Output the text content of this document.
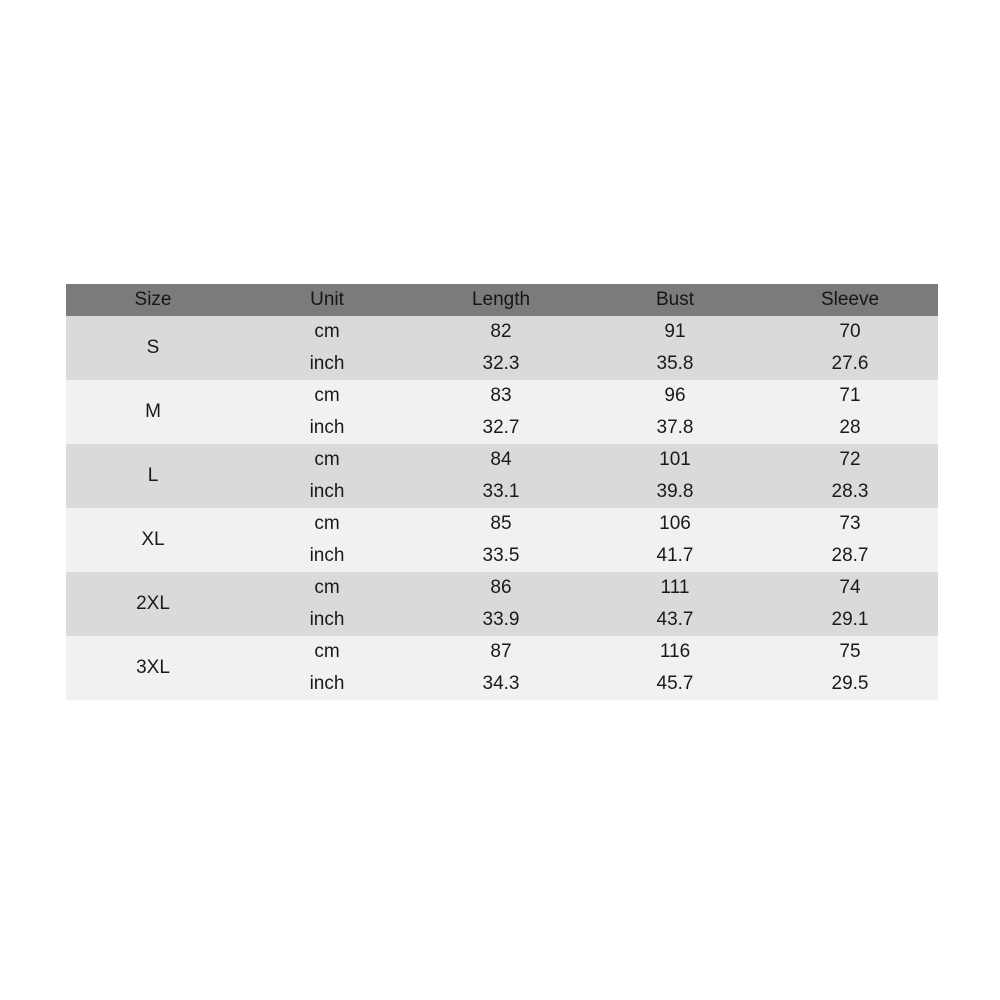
Size	Unit	Length	Bust	Sleeve
S
cm	82	91	70
inch	32.3	35.8	27.6
M
cm	83	96	71
inch	32.7	37.8	28
L
cm	84	101	72
inch	33.1	39.8	28.3
XL
cm	85	106	73
inch	33.5	41.7	28.7
2XL
cm	86	111	74
inch	33.9	43.7	29.1
3XL
cm	87	116	75
inch	34.3	45.7	29.5
